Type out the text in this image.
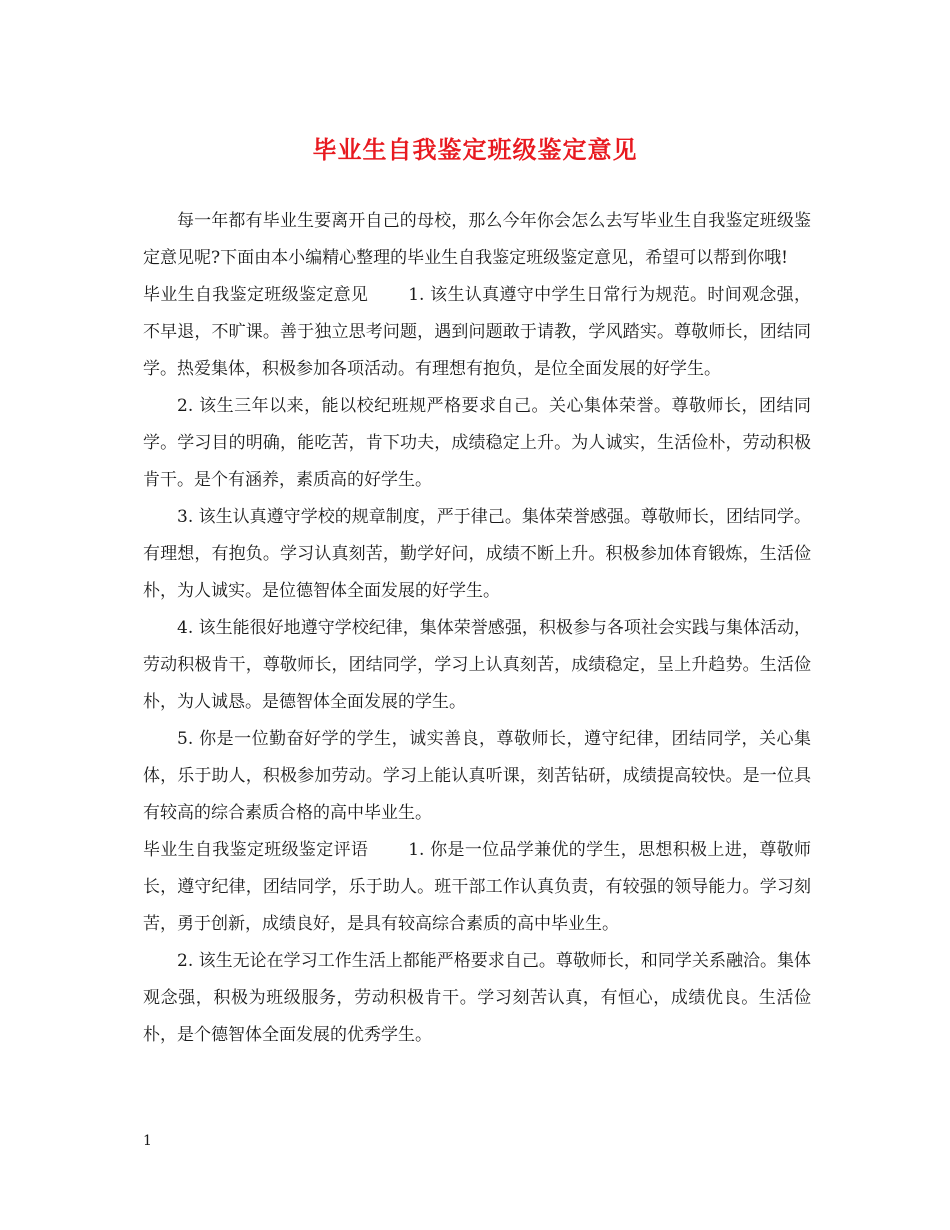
毕业生自我鉴定班级鉴定意见

每一年都有毕业生要离开自己的母校，那么今年你会怎么去写毕业生自我鉴定班级鉴定意见呢?下面由本小编精心整理的毕业生自我鉴定班级鉴定意见，希望可以帮到你哦!

毕业生自我鉴定班级鉴定意见 1. 该生认真遵守中学生日常行为规范。时间观念强，不早退，不旷课。善于独立思考问题，遇到问题敢于请教，学风踏实。尊敬师长，团结同学。热爱集体，积极参加各项活动。有理想有抱负，是位全面发展的好学生。

2. 该生三年以来，能以校纪班规严格要求自己。关心集体荣誉。尊敬师长，团结同学。学习目的明确，能吃苦，肯下功夫，成绩稳定上升。为人诚实，生活俭朴，劳动积极肯干。是个有涵养，素质高的好学生。

3. 该生认真遵守学校的规章制度，严于律己。集体荣誉感强。尊敬师长，团结同学。有理想，有抱负。学习认真刻苦，勤学好问，成绩不断上升。积极参加体育锻炼，生活俭朴，为人诚实。是位德智体全面发展的好学生。

4. 该生能很好地遵守学校纪律，集体荣誉感强，积极参与各项社会实践与集体活动，劳动积极肯干，尊敬师长，团结同学，学习上认真刻苦，成绩稳定，呈上升趋势。生活俭朴，为人诚恳。是德智体全面发展的学生。

5. 你是一位勤奋好学的学生，诚实善良，尊敬师长，遵守纪律，团结同学，关心集体，乐于助人，积极参加劳动。学习上能认真听课，刻苦钻研，成绩提高较快。是一位具有较高的综合素质合格的高中毕业生。

毕业生自我鉴定班级鉴定评语 1. 你是一位品学兼优的学生，思想积极上进，尊敬师长，遵守纪律，团结同学，乐于助人。班干部工作认真负责，有较强的领导能力。学习刻苦，勇于创新，成绩良好，是具有较高综合素质的高中毕业生。

2. 该生无论在学习工作生活上都能严格要求自己。尊敬师长，和同学关系融洽。集体观念强，积极为班级服务，劳动积极肯干。学习刻苦认真，有恒心，成绩优良。生活俭朴，是个德智体全面发展的优秀学生。

1
